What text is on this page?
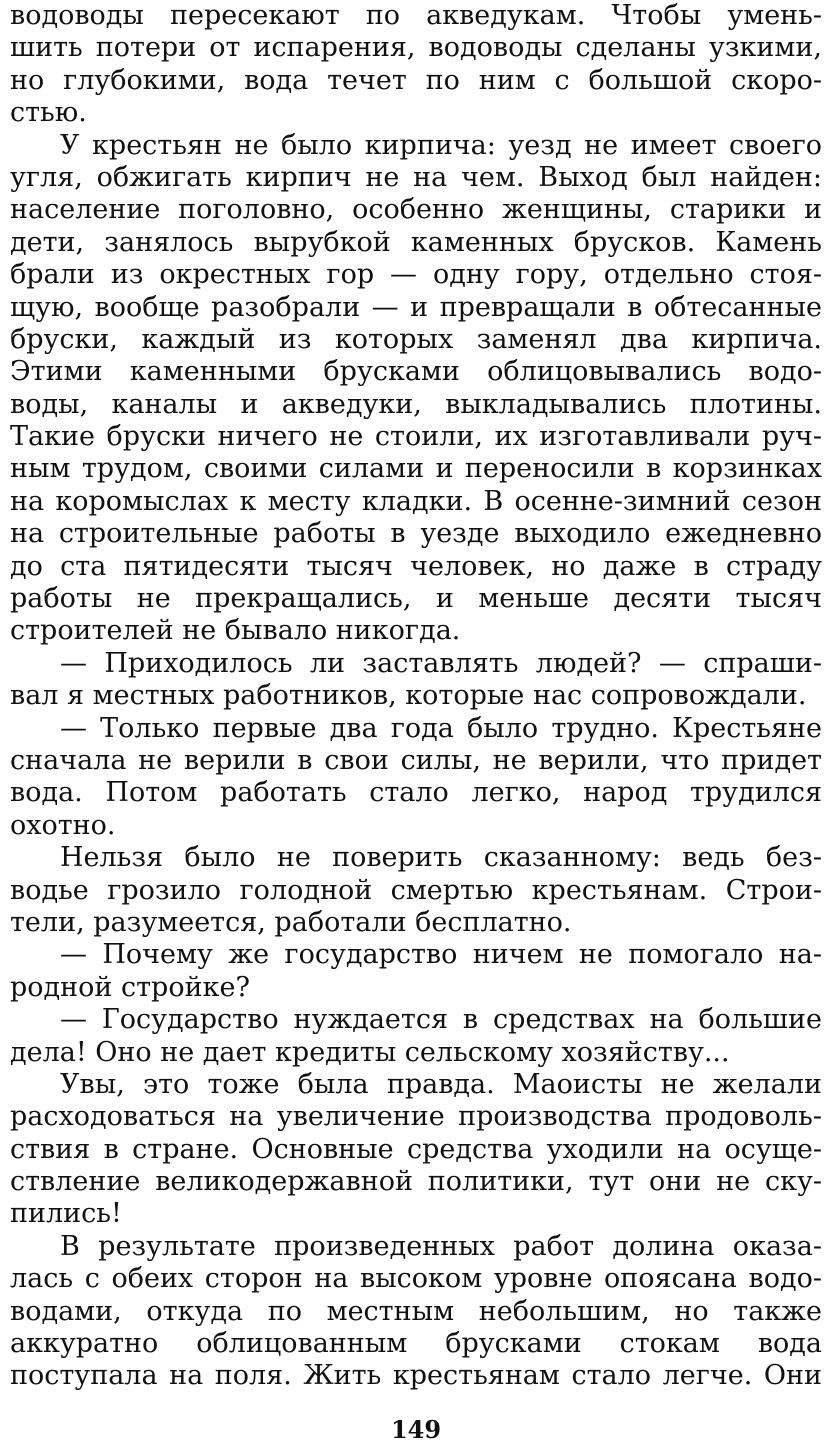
водоводы пересекают по акведукам. Чтобы умень-
шить потери от испарения, водоводы сделаны узкими,
но глубокими, вода течет по ним с большой скоро-
стью.
У крестьян не было кирпича: уезд не имеет своего
угля, обжигать кирпич не на чем. Выход был найден:
население поголовно, особенно женщины, старики и
дети, занялось вырубкой каменных брусков. Камень
брали из окрестных гор — одну гору, отдельно стоя-
щую, вообще разобрали — и превращали в обтесанные
бруски, каждый из которых заменял два кирпича.
Этими каменными брусками облицовывались водо-
воды, каналы и акведуки, выкладывались плотины.
Такие бруски ничего не стоили, их изготавливали руч-
ным трудом, своими силами и переносили в корзинках
на коромыслах к месту кладки. В осенне-зимний сезон
на строительные работы в уезде выходило ежедневно
до ста пятидесяти тысяч человек, но даже в страду
работы не прекращались, и меньше десяти тысяч
строителей не бывало никогда.
— Приходилось ли заставлять людей? — спраши-
вал я местных работников, которые нас сопровождали.
— Только первые два года было трудно. Крестьяне
сначала не верили в свои силы, не верили, что придет
вода. Потом работать стало легко, народ трудился
охотно.
Нельзя было не поверить сказанному: ведь без-
водье грозило голодной смертью крестьянам. Строи-
тели, разумеется, работали бесплатно.
— Почему же государство ничем не помогало на-
родной стройке?
— Государство нуждается в средствах на большие
дела! Оно не дает кредиты сельскому хозяйству...
Увы, это тоже была правда. Маоисты не желали
расходоваться на увеличение производства продоволь-
ствия в стране. Основные средства уходили на осуще-
ствление великодержавной политики, тут они не ску-
пились!
В результате произведенных работ долина оказа-
лась с обеих сторон на высоком уровне опоясана водо-
водами, откуда по местным небольшим, но также
аккуратно облицованным брусками стокам вода
поступала на поля. Жить крестьянам стало легче. Они
149
